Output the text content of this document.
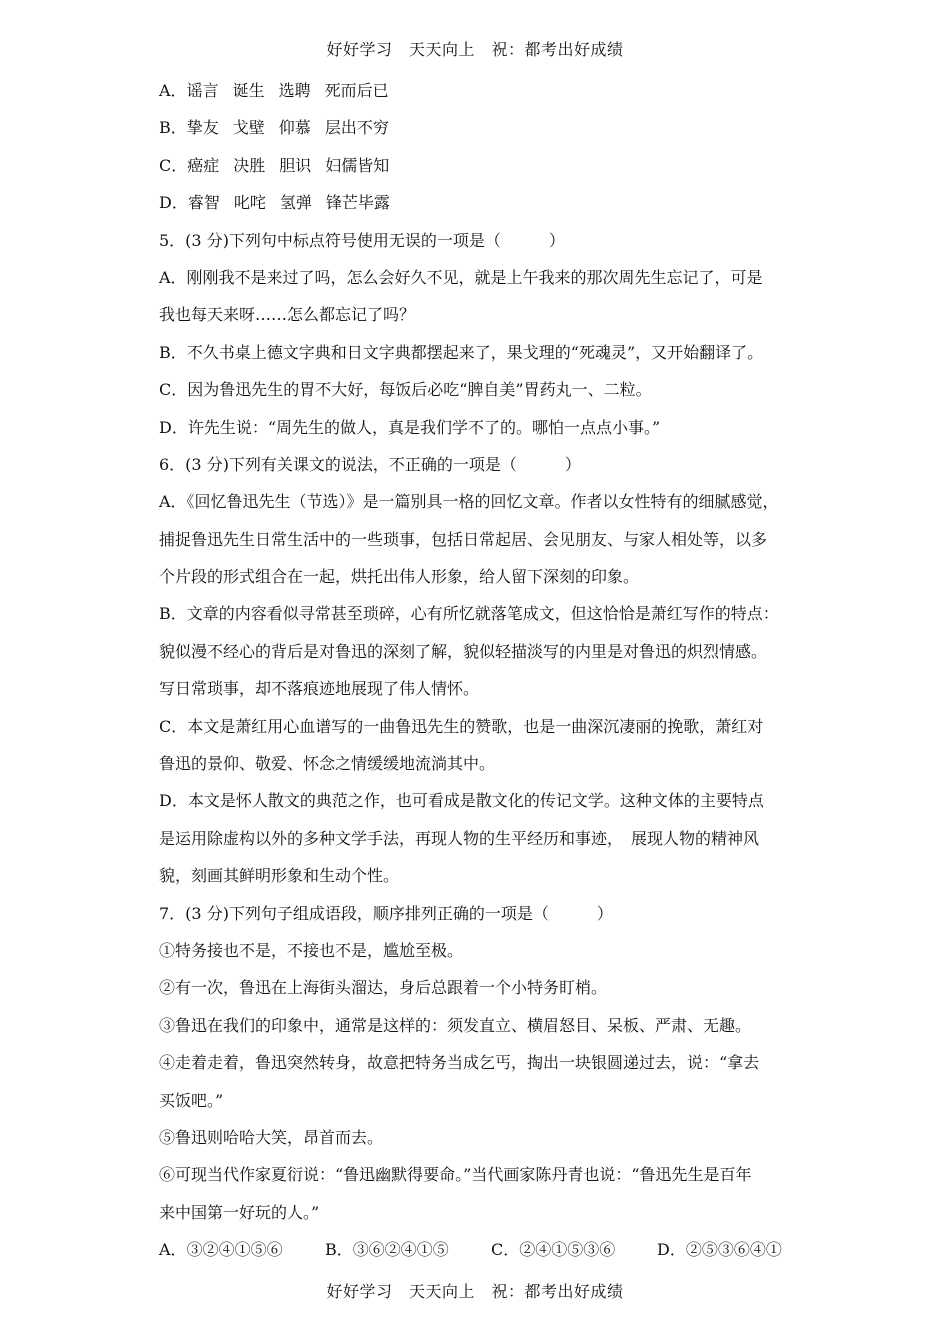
好好学习　天天向上　祝：都考出好成绩
A．谣言 诞生 选聘 死而后已
B．挚友 戈壁 仰慕 层出不穷
C．癌症 决胜 胆识 妇儒皆知
D．睿智 叱咤 氢弹 锋芒毕露
5．(3 分)下列句中标点符号使用无误的一项是（　　　）
A．刚刚我不是来过了吗，怎么会好久不见，就是上午我来的那次周先生忘记了，可是
我也每天来呀……怎么都忘记了吗？
B．不久书桌上德文字典和日文字典都摆起来了，果戈理的“死魂灵”，又开始翻译了。
C．因为鲁迅先生的胃不大好，每饭后必吃“脾自美”胃药丸一、二粒。
D．许先生说：“周先生的做人，真是我们学不了的。哪怕一点点小事。”
6．(3 分)下列有关课文的说法，不正确的一项是（　　　）
A．《回忆鲁迅先生（节选）》是一篇别具一格的回忆文章。作者以女性特有的细腻感觉，
捕捉鲁迅先生日常生活中的一些琐事，包括日常起居、会见朋友、与家人相处等，以多
个片段的形式组合在一起，烘托出伟人形象，给人留下深刻的印象。
B．文章的内容看似寻常甚至琐碎，心有所忆就落笔成文，但这恰恰是萧红写作的特点：
貌似漫不经心的背后是对鲁迅的深刻了解，貌似轻描淡写的内里是对鲁迅的炽烈情感。
写日常琐事，却不落痕迹地展现了伟人情怀。
C．本文是萧红用心血谱写的一曲鲁迅先生的赞歌，也是一曲深沉凄丽的挽歌，萧红对
鲁迅的景仰、敬爱、怀念之情缓缓地流淌其中。
D．本文是怀人散文的典范之作，也可看成是散文化的传记文学。这种文体的主要特点
是运用除虚构以外的多种文学手法，再现人物的生平经历和事迹，　展现人物的精神风
貌，刻画其鲜明形象和生动个性。
7．(3 分)下列句子组成语段，顺序排列正确的一项是（　　　）
①特务接也不是，不接也不是，尴尬至极。
②有一次，鲁迅在上海街头溜达，身后总跟着一个小特务盯梢。
③鲁迅在我们的印象中，通常是这样的：须发直立、横眉怒目、呆板、严肃、无趣。
④走着走着，鲁迅突然转身，故意把特务当成乞丐，掏出一块银圆递过去，说：“拿去
买饭吧。”
⑤鲁迅则哈哈大笑，昂首而去。
⑥可现当代作家夏衍说：“鲁迅幽默得要命。”当代画家陈丹青也说：“鲁迅先生是百年
来中国第一好玩的人。”
A．③②④①⑤⑥	B．③⑥②④①⑤	C．②④①⑤③⑥	D．②⑤③⑥④①
好好学习　天天向上　祝：都考出好成绩
